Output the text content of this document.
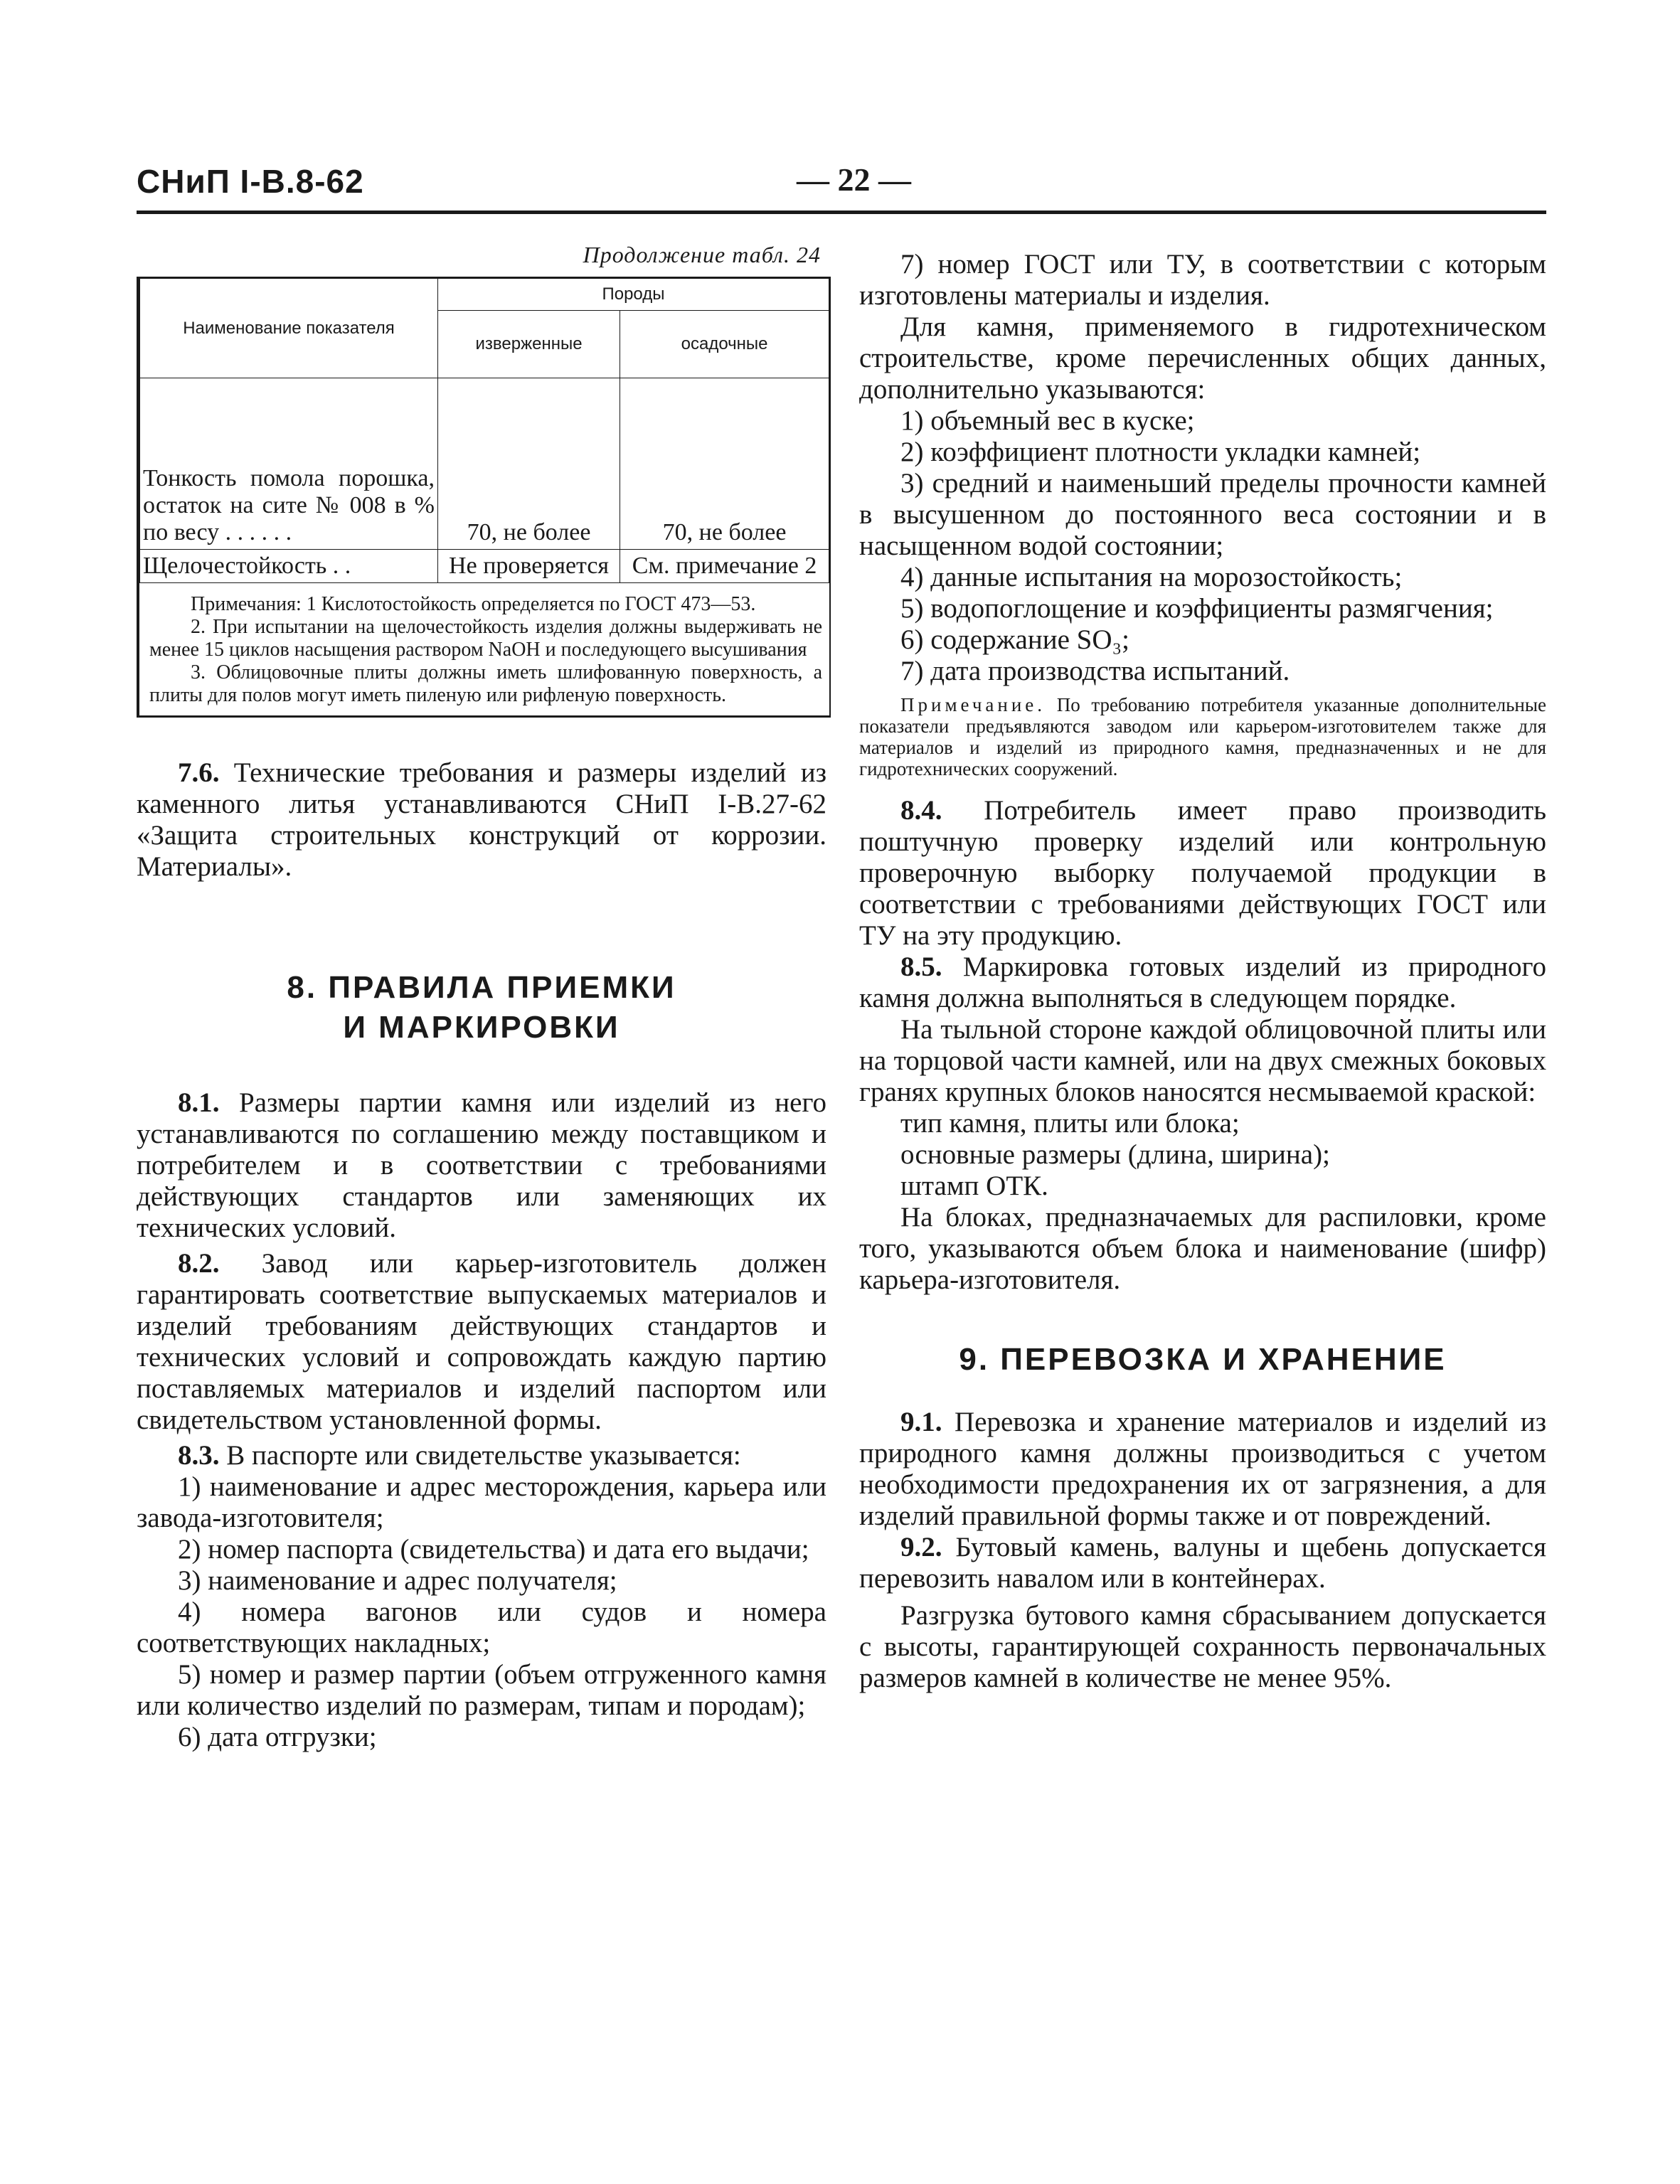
СНиП I-В.8-62	— 22 —
Продолжение табл. 24
Наименование показателя	Породы	
	изверженные	осадочные
Тонкость помола порошка, остаток на сите № 008 в % по весу . . . . . .	70, не более	70, не более
Щелочестойкость . .	Не проверяется	См. примечание 2

Примечания: 1 Кислотостойкость определяется по ГОСТ 473—53.

2. При испытании на щелочестойкость изделия должны выдерживать не менее 15 циклов насыщения раствором NaOH и последующего высушивания

3. Облицовочные плиты должны иметь шлифованную поверхность, а плиты для полов могут иметь пиленую или рифленую поверхность.

7.6. Технические требования и размеры изделий из каменного литья устанавливаются СНиП I-В.27-62 «Защита строительных конструкций от коррозии. Материалы».

8. ПРАВИЛА ПРИЕМКИ
И МАРКИРОВКИ

8.1. Размеры партии камня или изделий из него устанавливаются по соглашению между поставщиком и потребителем и в соответствии с требованиями действующих стандартов или заменяющих их технических условий.

8.2. Завод или карьер-изготовитель должен гарантировать соответствие выпускаемых материалов и изделий требованиям действующих стандартов и технических условий и сопровождать каждую партию поставляемых материалов и изделий паспортом или свидетельством установленной формы.

8.3. В паспорте или свидетельстве указывается:

1) наименование и адрес месторождения, карьера или завода-изготовителя;

2) номер паспорта (свидетельства) и дата его выдачи;

3) наименование и адрес получателя;

4) номера вагонов или судов и номера соответствующих накладных;

5) номер и размер партии (объем отгруженного камня или количество изделий по размерам, типам и породам);

6) дата отгрузки;

7) номер ГОСТ или ТУ, в соответствии с которым изготовлены материалы и изделия.

Для камня, применяемого в гидротехническом строительстве, кроме перечисленных общих данных, дополнительно указываются:

1) объемный вес в куске;

2) коэффициент плотности укладки камней;

3) средний и наименьший пределы прочности камней в высушенном до постоянного веса состоянии и в насыщенном водой состоянии;

4) данные испытания на морозостойкость;

5) водопоглощение и коэффициенты размягчения;

6) содержание SO₃;

7) дата производства испытаний.

Примечание. По требованию потребителя указанные дополнительные показатели предъявляются заводом или карьером-изготовителем также для материалов и изделий из природного камня, предназначенных и не для гидротехнических сооружений.

8.4. Потребитель имеет право производить поштучную проверку изделий или контрольную проверочную выборку получаемой продукции в соответствии с требованиями действующих ГОСТ или ТУ на эту продукцию.

8.5. Маркировка готовых изделий из природного камня должна выполняться в следующем порядке.

На тыльной стороне каждой облицовочной плиты или на торцовой части камней, или на двух смежных боковых гранях крупных блоков наносятся несмываемой краской:

тип камня, плиты или блока;

основные размеры (длина, ширина);

штамп ОТК.

На блоках, предназначаемых для распиловки, кроме того, указываются объем блока и наименование (шифр) карьера-изготовителя.

9. ПЕРЕВОЗКА И ХРАНЕНИЕ

9.1. Перевозка и хранение материалов и изделий из природного камня должны производиться с учетом необходимости предохранения их от загрязнения, а для изделий правильной формы также и от повреждений.

9.2. Бутовый камень, валуны и щебень допускается перевозить навалом или в контейнерах.

Разгрузка бутового камня сбрасыванием допускается с высоты, гарантирующей сохранность первоначальных размеров камней в количестве не менее 95%.
